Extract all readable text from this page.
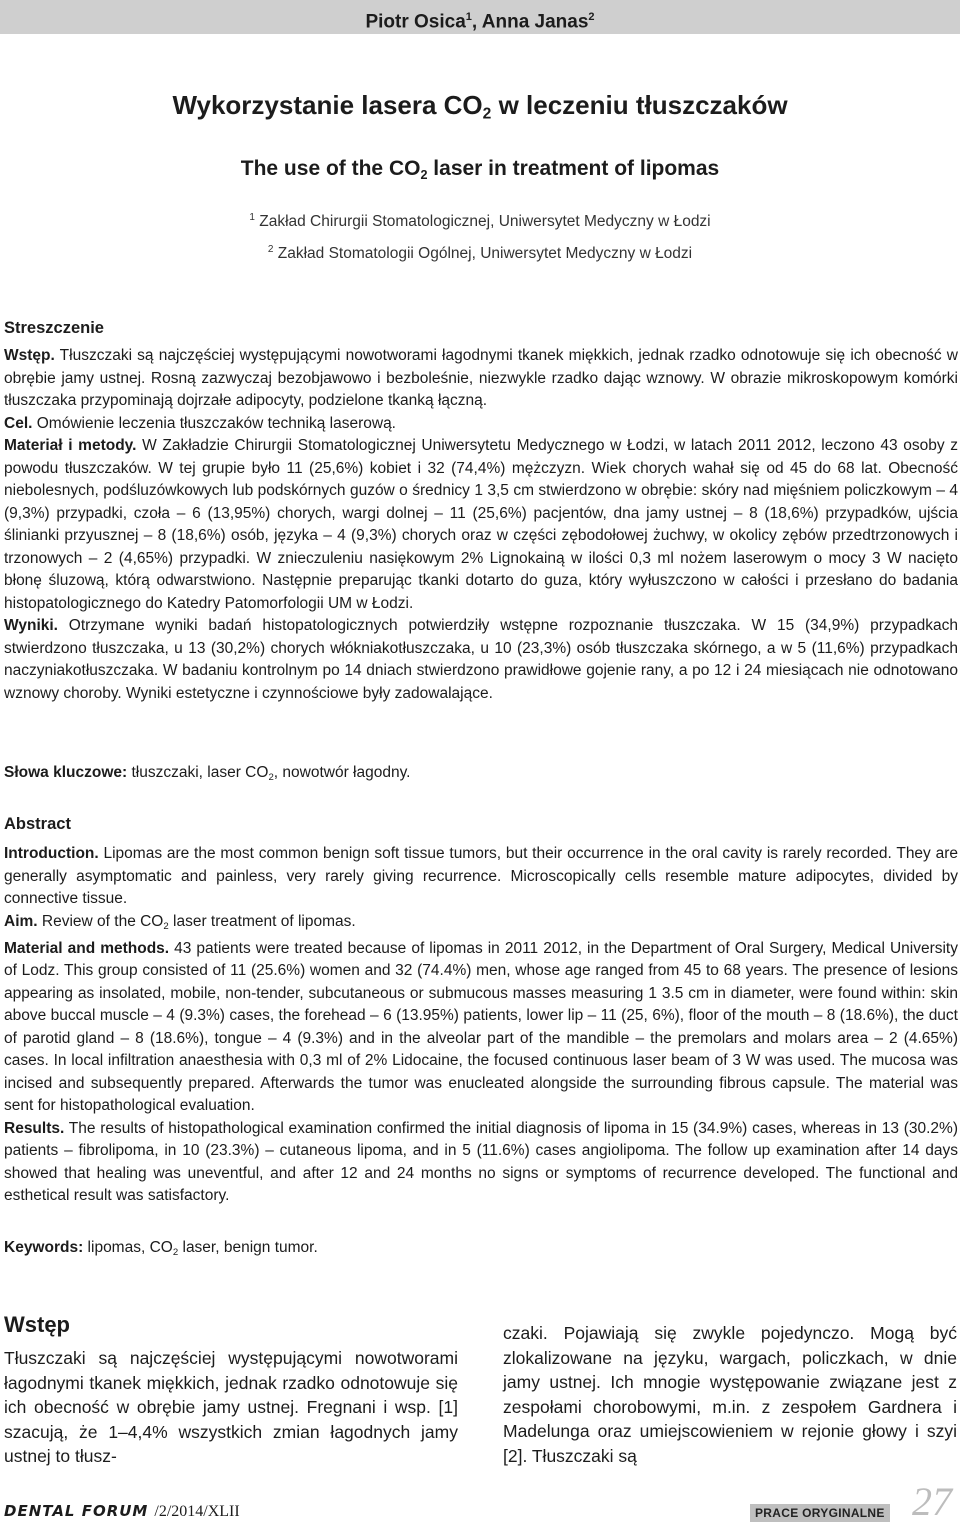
Piotr Osica$^1$, Anna Janas$^2$
Wykorzystanie lasera $CO_2$ w leczeniu tłuszczaków
The use of the $CO_2$ laser in treatment of lipomas
$^1$ Zakład Chirurgii Stomatologicznej, Uniwersytet Medyczny w Łodzi
$^2$ Zakład Stomatologii Ogólnej, Uniwersytet Medyczny w Łodzi
Streszczenie

Wstęp. Tłuszczaki są najczęściej występującymi nowotworami łagodnymi tkanek miękkich, jednak rzadko odnotowuje się ich obecność w obrębie jamy ustnej. Rosną zazwyczaj bezobjawowo i bezboleśnie, niezwykle rzadko dając wznowy. W obrazie mikroskopowym komórki tłuszczaka przypominają dojrzałe adipocyty, podzielone tkanką łączną.

Cel. Omówienie leczenia tłuszczaków techniką laserową.

Materiał i metody. W Zakładzie Chirurgii Stomatologicznej Uniwersytetu Medycznego w Łodzi, w latach 2011 2012, leczono 43 osoby z powodu tłuszczaków. W tej grupie było 11 (25,6%) kobiet i 32 (74,4%) mężczyzn. Wiek chorych wahał się od 45 do 68 lat. Obecność niebolesnych, podśluzówkowych lub podskórnych guzów o średnicy 1 3,5 cm stwierdzono w obrębie: skóry nad mięśniem policzkowym – 4 (9,3%) przypadki, czoła – 6 (13,95%) chorych, wargi dolnej – 11 (25,6%) pacjentów, dna jamy ustnej – 8 (18,6%) przypadków, ujścia ślinianki przyusznej – 8 (18,6%) osób, języka – 4 (9,3%) chorych oraz w części zębodołowej żuchwy, w okolicy zębów przedtrzonowych i trzonowych – 2 (4,65%) przypadki. W znieczuleniu nasiękowym 2% Lignokainą w ilości 0,3 ml nożem laserowym o mocy 3 W nacięto błonę śluzową, którą odwarstwiono. Następnie preparując tkanki dotarto do guza, który wyłuszczono w całości i przesłano do badania histopatologicznego do Katedry Patomorfologii UM w Łodzi.

Wyniki. Otrzymane wyniki badań histopatologicznych potwierdziły wstępne rozpoznanie tłuszczaka. W 15 (34,9%) przypadkach stwierdzono tłuszczaka, u 13 (30,2%) chorych włókniakotłuszczaka, u 10 (23,3%) osób tłuszczaka skórnego, a w 5 (11,6%) przypadkach naczyniakotłuszczaka. W badaniu kontrolnym po 14 dniach stwierdzono prawidłowe gojenie rany, a po 12 i 24 miesiącach nie odnotowano wznowy choroby. Wyniki estetyczne i czynnościowe były zadowalające.

Słowa kluczowe: tłuszczaki, laser $CO_2$, nowotwór łagodny.
Abstract

Introduction. Lipomas are the most common benign soft tissue tumors, but their occurrence in the oral cavity is rarely recorded. They are generally asymptomatic and painless, very rarely giving recurrence. Microscopically cells resemble mature adipocytes, divided by connective tissue.

Aim. Review of the $CO_2$ laser treatment of lipomas.

Material and methods. 43 patients were treated because of lipomas in 2011 2012, in the Department of Oral Surgery, Medical University of Lodz. This group consisted of 11 (25.6%) women and 32 (74.4%) men, whose age ranged from 45 to 68 years. The presence of lesions appearing as insolated, mobile, non-tender, subcutaneous or submucous masses measuring 1 3.5 cm in diameter, were found within: skin above buccal muscle – 4 (9.3%) cases, the forehead – 6 (13.95%) patients, lower lip – 11 (25, 6%), floor of the mouth – 8 (18.6%), the duct of parotid gland – 8 (18.6%), tongue – 4 (9.3%) and in the alveolar part of the mandible – the premolars and molars area – 2 (4.65%) cases. In local infiltration anaesthesia with 0,3 ml of 2% Lidocaine, the focused continuous laser beam of 3 W was used. The mucosa was incised and subsequently prepared. Afterwards the tumor was enucleated alongside the surrounding fibrous capsule. The material was sent for histopathological evaluation.

Results. The results of histopathological examination confirmed the initial diagnosis of lipoma in 15 (34.9%) cases, whereas in 13 (30.2%) patients – fibrolipoma, in 10 (23.3%) – cutaneous lipoma, and in 5 (11.6%) cases angiolipoma. The follow up examination after 14 days showed that healing was uneventful, and after 12 and 24 months no signs or symptoms of recurrence developed. The functional and esthetical result was satisfactory.

Keywords: lipomas, $CO_2$ laser, benign tumor.
Wstęp
Tłuszczaki są najczęściej występującymi nowotworami łagodnymi tkanek miękkich, jednak rzadko odnotowuje się ich obecność w obrębie jamy ustnej. Fregnani i wsp. [1] szacują, że 1–4,4% wszystkich zmian łagodnych jamy ustnej to tłusz-
czaki. Pojawiają się zwykle pojedynczo. Mogą być zlokalizowane na języku, wargach, policzkach, w dnie jamy ustnej. Ich mnogie występowanie związane jest z zespołami chorobowymi, m.in. z zespołem Gardnera i Madelunga oraz umiejscowieniem w rejonie głowy i szyi [2]. Tłuszczaki są
DENTAL FORUM /2/2014/XLII	PRACE ORYGINALNE 27
